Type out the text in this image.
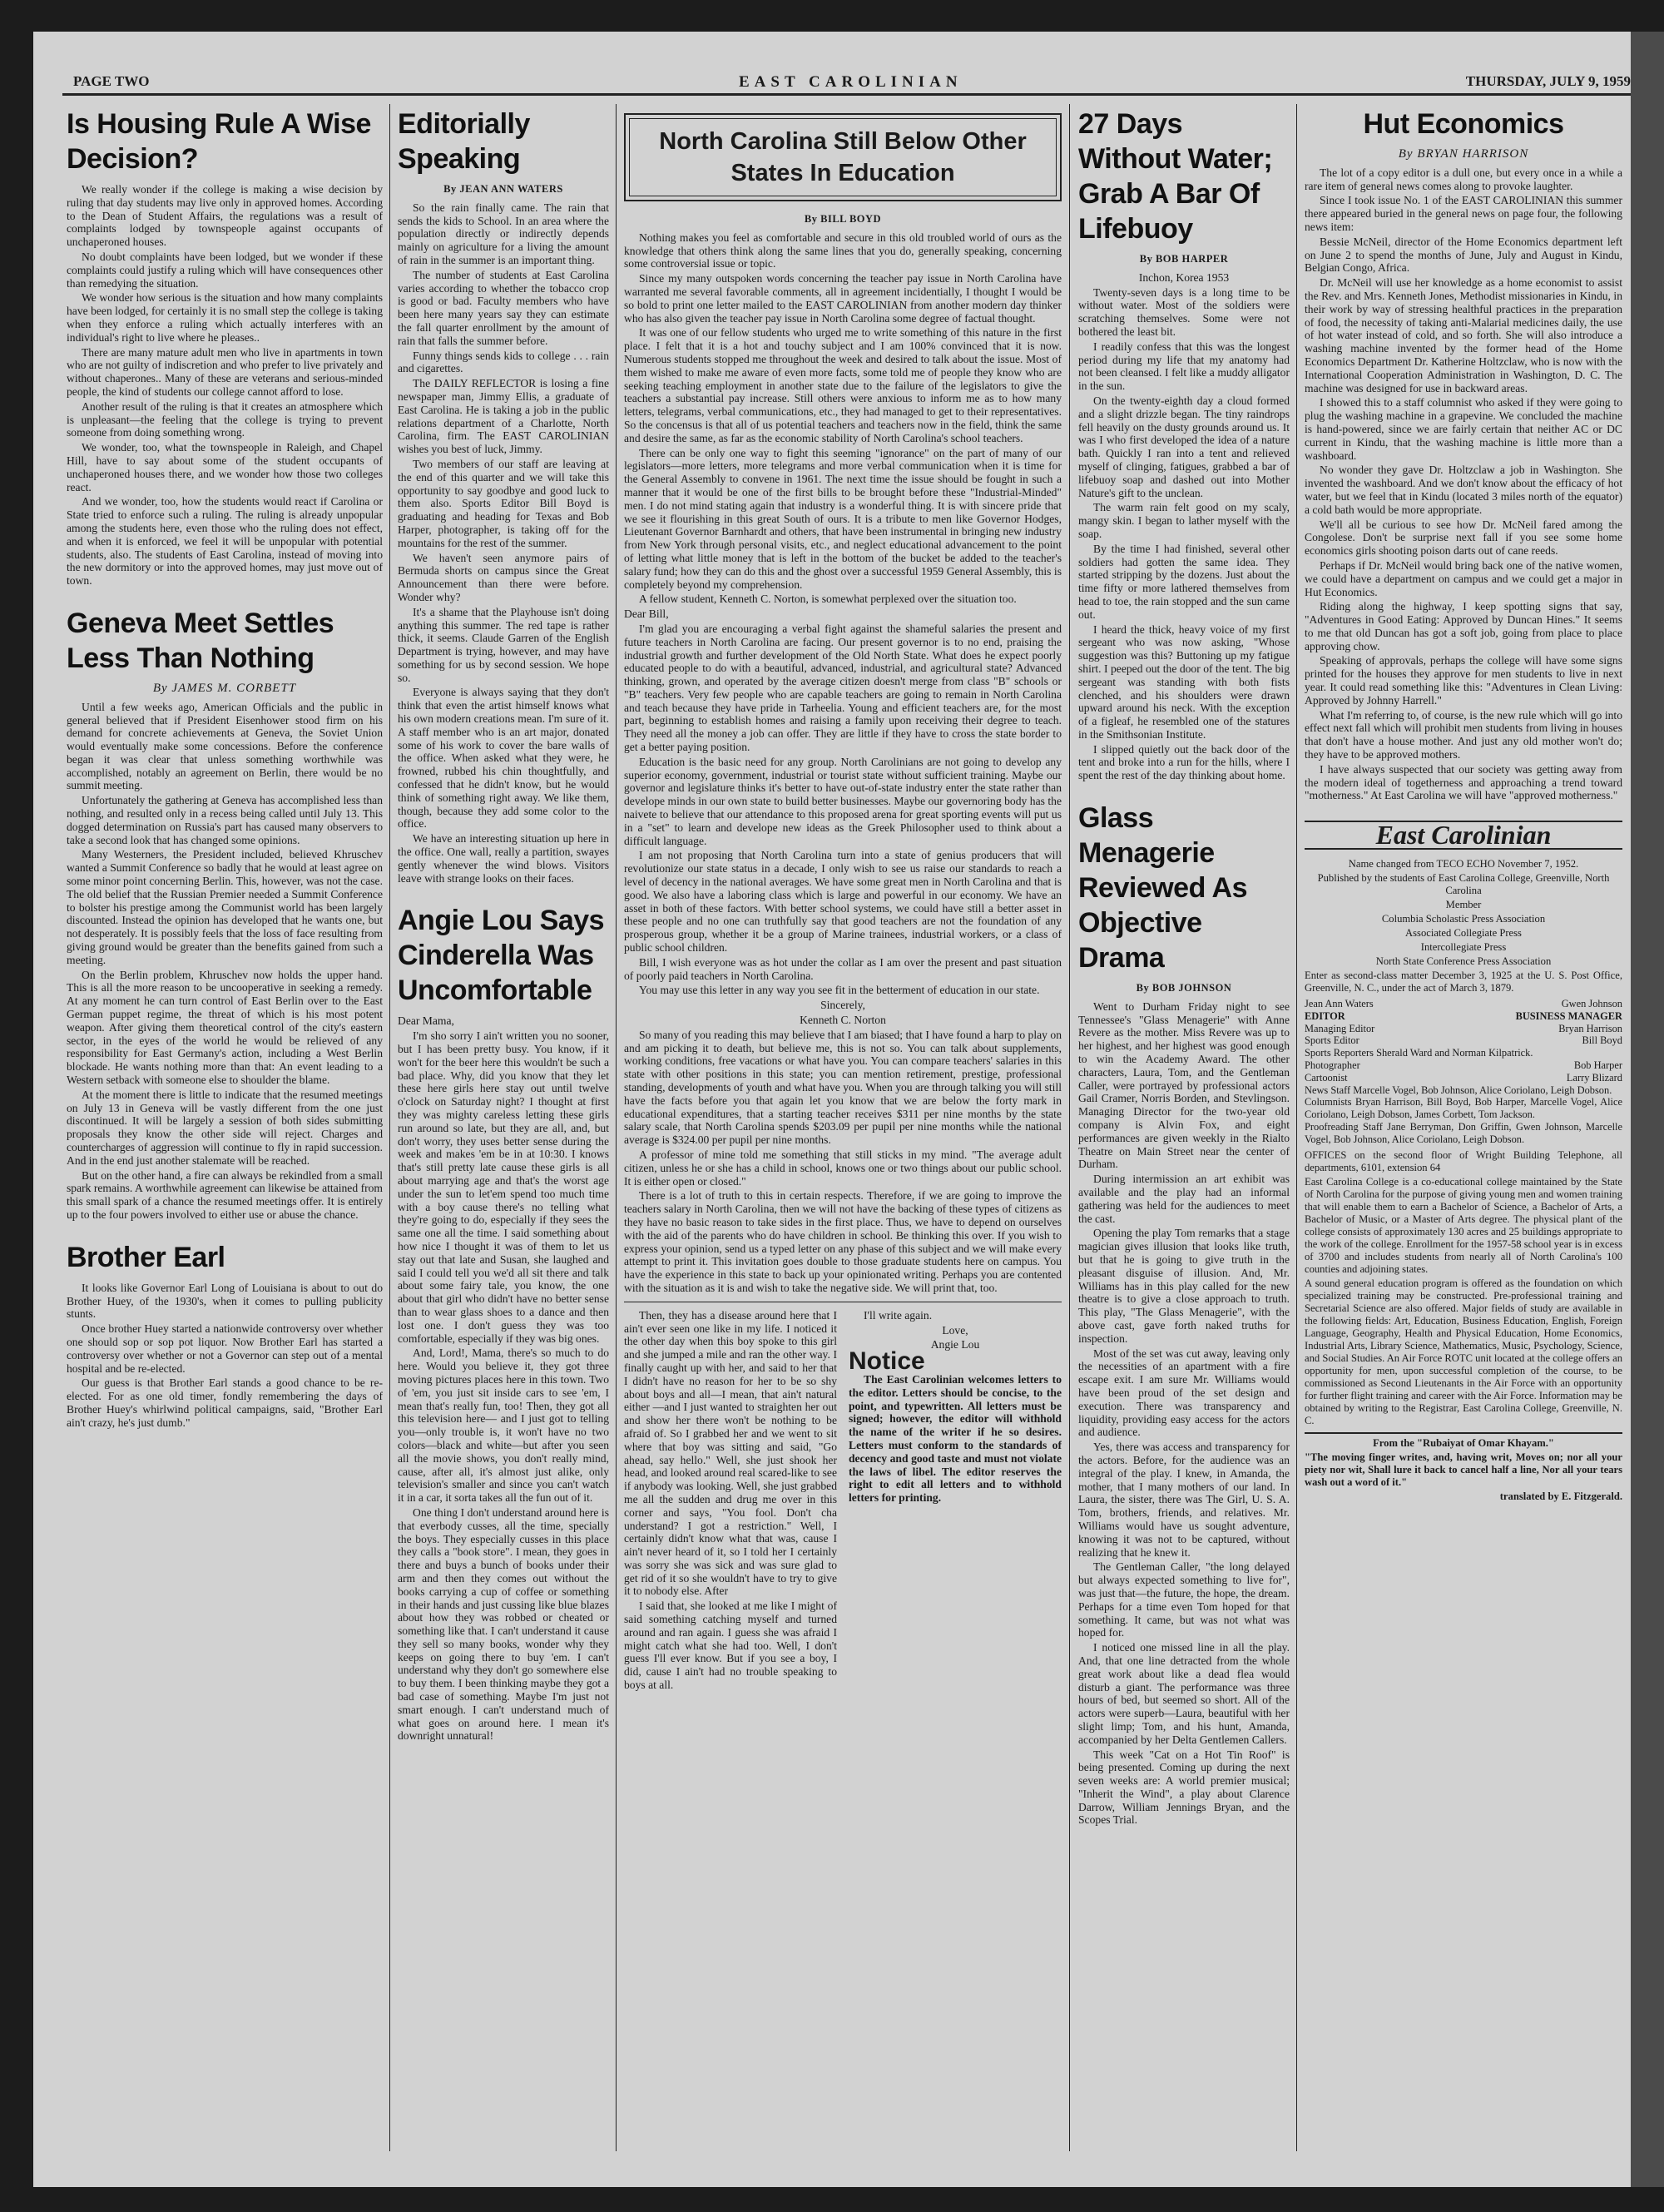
PAGE TWO	EAST CAROLINIAN	THURSDAY, JULY 9, 1959
Is Housing Rule A Wise Decision?

We really wonder if the college is making a wise decision by ruling that day students may live only in approved homes. According to the Dean of Student Affairs, the regulations was a result of complaints lodged by townspeople against occupants of unchaperoned houses.

No doubt complaints have been lodged, but we wonder if these complaints could justify a ruling which will have consequences other than remedying the situation.

We wonder how serious is the situation and how many complaints have been lodged, for certainly it is no small step the college is taking when they enforce a ruling which actually interferes with an individual's right to live where he pleases..

There are many mature adult men who live in apartments in town who are not guilty of indiscretion and who prefer to live privately and without chaperones.. Many of these are veterans and serious-minded people, the kind of students our college cannot afford to lose.

Another result of the ruling is that it creates an atmosphere which is unpleasant—the feeling that the college is trying to prevent someone from doing something wrong.

We wonder, too, what the townspeople in Raleigh, and Chapel Hill, have to say about some of the student occupants of unchaperoned houses there, and we wonder how those two colleges react.

And we wonder, too, how the students would react if Carolina or State tried to enforce such a ruling. The ruling is already unpopular among the students here, even those who the ruling does not effect, and when it is enforced, we feel it will be unpopular with potential students, also. The students of East Carolina, instead of moving into the new dormitory or into the approved homes, may just move out of town.

Geneva Meet Settles Less Than Nothing
By JAMES M. CORBETT

Until a few weeks ago, American Officials and the public in general believed that if President Eisenhower stood firm on his demand for concrete achievements at Geneva, the Soviet Union would eventually make some concessions. Before the conference began it was clear that unless something worthwhile was accomplished, notably an agreement on Berlin, there would be no summit meeting.

Unfortunately the gathering at Geneva has accomplished less than nothing, and resulted only in a recess being called until July 13. This dogged determination on Russia's part has caused many observers to take a second look that has changed some opinions.

Many Westerners, the President included, believed Khruschev wanted a Summit Conference so badly that he would at least agree on some minor point concerning Berlin. This, however, was not the case. The old belief that the Russian Premier needed a Summit Conference to bolster his prestige among the Communist world has been largely discounted. Instead the opinion has developed that he wants one, but not desperately. It is possibly feels that the loss of face resulting from giving ground would be greater than the benefits gained from such a meeting.

On the Berlin problem, Khruschev now holds the upper hand. This is all the more reason to be uncooperative in seeking a remedy. At any moment he can turn control of East Berlin over to the East German puppet regime, the threat of which is his most potent weapon. After giving them theoretical control of the city's eastern sector, in the eyes of the world he would be relieved of any responsibility for East Germany's action, including a West Berlin blockade. He wants nothing more than that: An event leading to a Western setback with someone else to shoulder the blame.

At the moment there is little to indicate that the resumed meetings on July 13 in Geneva will be vastly different from the one just discontinued. It will be largely a session of both sides submitting proposals they know the other side will reject. Charges and countercharges of aggression will continue to fly in rapid succession. And in the end just another stalemate will be reached.

But on the other hand, a fire can always be rekindled from a small spark remains. A worthwhile agreement can likewise be attained from this small spark of a chance the resumed meetings offer. It is entirely up to the four powers involved to either use or abuse the chance.

Brother Earl

It looks like Governor Earl Long of Louisiana is about to out do Brother Huey, of the 1930's, when it comes to pulling publicity stunts.

Once brother Huey started a nationwide controversy over whether one should sop or sop pot liquor. Now Brother Earl has started a controversy over whether or not a Governor can step out of a mental hospital and be re-elected.

Our guess is that Brother Earl stands a good chance to be re-elected. For as one old timer, fondly remembering the days of Brother Huey's whirlwind political campaigns, said, "Brother Earl ain't crazy, he's just dumb."

Editorially Speaking
By JEAN ANN WATERS

So the rain finally came. The rain that sends the kids to School. In an area where the population directly or indirectly depends mainly on agriculture for a living the amount of rain in the summer is an important thing.

The number of students at East Carolina varies according to whether the tobacco crop is good or bad. Faculty members who have been here many years say they can estimate the fall quarter enrollment by the amount of rain that falls the summer before.

Funny things sends kids to college . . . rain and cigarettes.

The DAILY REFLECTOR is losing a fine newspaper man, Jimmy Ellis, a graduate of East Carolina. He is taking a job in the public relations department of a Charlotte, North Carolina, firm. The EAST CAROLINIAN wishes you best of luck, Jimmy.

Two members of our staff are leaving at the end of this quarter and we will take this opportunity to say goodbye and good luck to them also. Sports Editor Bill Boyd is graduating and heading for Texas and Bob Harper, photographer, is taking off for the mountains for the rest of the summer.

We haven't seen anymore pairs of Bermuda shorts on campus since the Great Announcement than there were before. Wonder why?

It's a shame that the Playhouse isn't doing anything this summer. The red tape is rather thick, it seems. Claude Garren of the English Department is trying, however, and may have something for us by second session. We hope so.

Everyone is always saying that they don't think that even the artist himself knows what his own modern creations mean. I'm sure of it. A staff member who is an art major, donated some of his work to cover the bare walls of the office. When asked what they were, he frowned, rubbed his chin thoughtfully, and confessed that he didn't know, but he would think of something right away. We like them, though, because they add some color to the office.

We have an interesting situation up here in the office. One wall, really a partition, swayes gently whenever the wind blows. Visitors leave with strange looks on their faces.

Angie Lou Says Cinderella Was Uncomfortable

Dear Mama,

I'm sho sorry I ain't written you no sooner, but I has been pretty busy. You know, if it won't for the beer here this wouldn't be such a bad place. Why, did you know that they let these here girls here stay out until twelve o'clock on Saturday night? I thought at first they was mighty careless letting these girls run around so late, but they are all, and, but don't worry, they uses better sense during the week and makes 'em be in at 10:30. I knows that's still pretty late cause these girls is all about marrying age and that's the worst age under the sun to let'em spend too much time with a boy cause there's no telling what they're going to do, especially if they sees the same one all the time. I said something about how nice I thought it was of them to let us stay out that late and Susan, she laughed and said I could tell you we'd all sit there and talk about some fairy tale, you know, the one about that girl who didn't have no better sense than to wear glass shoes to a dance and then lost one. I don't guess they was too comfortable, especially if they was big ones.

And, Lord!, Mama, there's so much to do here. Would you believe it, they got three moving pictures places here in this town. Two of 'em, you just sit inside cars to see 'em, I mean that's really fun, too! Then, they got all this television here— and I just got to telling you—only trouble is, it won't have no two colors—black and white—but after you seen all the movie shows, you don't really mind, cause, after all, it's almost just alike, only television's smaller and since you can't watch it in a car, it sorta takes all the fun out of it.

One thing I don't understand around here is that everbody cusses, all the time, specially the boys. They especially cusses in this place they calls a "book store". I mean, they goes in there and buys a bunch of books under their arm and then they comes out without the books carrying a cup of coffee or something in their hands and just cussing like blue blazes about how they was robbed or cheated or something like that. I can't understand it cause they sell so many books, wonder why they keeps on going there to buy 'em. I can't understand why they don't go somewhere else to buy them. I been thinking maybe they got a bad case of something. Maybe I'm just not smart enough. I can't understand much of what goes on around here. I mean it's downright unnatural!

North Carolina Still Below Other States In Education
By BILL BOYD

Nothing makes you feel as comfortable and secure in this old troubled world of ours as the knowledge that others think along the same lines that you do, generally speaking, concerning some controversial issue or topic.

Since my many outspoken words concerning the teacher pay issue in North Carolina have warranted me several favorable comments, all in agreement incidentially, I thought I would be so bold to print one letter mailed to the EAST CAROLINIAN from another modern day thinker who has also given the teacher pay issue in North Carolina some degree of factual thought.

It was one of our fellow students who urged me to write something of this nature in the first place. I felt that it is a hot and touchy subject and I am 100% convinced that it is now. Numerous students stopped me throughout the week and desired to talk about the issue. Most of them wished to make me aware of even more facts, some told me of people they know who are seeking teaching employment in another state due to the failure of the legislators to give the teachers a substantial pay increase. Still others were anxious to inform me as to how many letters, telegrams, verbal communications, etc., they had managed to get to their representatives. So the concensus is that all of us potential teachers and teachers now in the field, think the same and desire the same, as far as the economic stability of North Carolina's school teachers.

There can be only one way to fight this seeming "ignorance" on the part of many of our legislators—more letters, more telegrams and more verbal communication when it is time for the General Assembly to convene in 1961. The next time the issue should be fought in such a manner that it would be one of the first bills to be brought before these "Industrial-Minded" men. I do not mind stating again that industry is a wonderful thing. It is with sincere pride that we see it flourishing in this great South of ours. It is a tribute to men like Governor Hodges, Lieutenant Governor Barnhardt and others, that have been instrumental in bringing new industry from New York through personal visits, etc., and neglect educational advancement to the point of letting what little money that is left in the bottom of the bucket be added to the teacher's salary fund; how they can do this and the ghost over a successful 1959 General Assembly, this is completely beyond my comprehension.

A fellow student, Kenneth C. Norton, is somewhat perplexed over the situation too.

Dear Bill,

I'm glad you are encouraging a verbal fight against the shameful salaries the present and future teachers in North Carolina are facing. Our present governor is to no end, praising the industrial growth and further development of the Old North State. What does he expect poorly educated people to do with a beautiful, advanced, industrial, and agricultural state? Advanced thinking, grown, and operated by the average citizen doesn't merge from class "B" schools or "B" teachers. Very few people who are capable teachers are going to remain in North Carolina and teach because they have pride in Tarheelia. Young and efficient teachers are, for the most part, beginning to establish homes and raising a family upon receiving their degree to teach. They need all the money a job can offer. They are little if they have to cross the state border to get a better paying position.

Education is the basic need for any group. North Carolinians are not going to develop any superior economy, government, industrial or tourist state without sufficient training. Maybe our governor and legislature thinks it's better to have out-of-state industry enter the state rather than develope minds in our own state to build better businesses. Maybe our governoring body has the naivete to believe that our attendance to this proposed arena for great sporting events will put us in a "set" to learn and develope new ideas as the Greek Philosopher used to think about a difficult language.

I am not proposing that North Carolina turn into a state of genius producers that will revolutionize our state status in a decade, I only wish to see us raise our standards to reach a level of decency in the national averages. We have some great men in North Carolina and that is good. We also have a laboring class which is large and powerful in our economy. We have an asset in both of these factors. With better school systems, we could have still a better asset in these people and no one can truthfully say that good teachers are not the foundation of any prosperous group, whether it be a group of Marine trainees, industrial workers, or a class of public school children.

Bill, I wish everyone was as hot under the collar as I am over the present and past situation of poorly paid teachers in North Carolina.

You may use this letter in any way you see fit in the betterment of education in our state.

Sincerely,

Kenneth C. Norton

So many of you reading this may believe that I am biased; that I have found a harp to play on and am picking it to death, but believe me, this is not so. You can talk about supplements, working conditions, free vacations or what have you. You can compare teachers' salaries in this state with other positions in this state; you can mention retirement, prestige, professional standing, developments of youth and what have you. When you are through talking you will still have the facts before you that again let you know that we are below the forty mark in educational expenditures, that a starting teacher receives $311 per nine months by the state salary scale, that North Carolina spends $203.09 per pupil per nine months while the national average is $324.00 per pupil per nine months.

A professor of mine told me something that still sticks in my mind. "The average adult citizen, unless he or she has a child in school, knows one or two things about our public school. It is either open or closed."

There is a lot of truth to this in certain respects. Therefore, if we are going to improve the teachers salary in North Carolina, then we will not have the backing of these types of citizens as they have no basic reason to take sides in the first place. Thus, we have to depend on ourselves with the aid of the parents who do have children in school. Be thinking this over. If you wish to express your opinion, send us a typed letter on any phase of this subject and we will make every attempt to print it. This invitation goes double to those graduate students here on campus. You have the experience in this state to back up your opinionated writing. Perhaps you are contented with the situation as it is and wish to take the negative side. We will print that, too.

Then, they has a disease around here that I ain't ever seen one like in my life. I noticed it the other day when this boy spoke to this girl and she jumped a mile and ran the other way. I finally caught up with her, and said to her that I didn't have no reason for her to be so shy about boys and all—I mean, that ain't natural either —and I just wanted to straighten her out and show her there won't be nothing to be afraid of. So I grabbed her and we went to sit where that boy was sitting and said, "Go ahead, say hello." Well, she just shook her head, and looked around real scared-like to see if anybody was looking. Well, she just grabbed me all the sudden and drug me over in this corner and says, "You fool. Don't cha understand? I got a restriction." Well, I certainly didn't know what that was, cause I ain't never heard of it, so I told her I certainly was sorry she was sick and was sure glad to get rid of it so she wouldn't have to try to give it to nobody else. After

I said that, she looked at me like I might of said something catching myself and turned around and ran again. I guess she was afraid I might catch what she had too. Well, I don't guess I'll ever know. But if you see a boy, I did, cause I ain't had no trouble speaking to boys at all.

I'll write again.

Love,

Angie Lou

Notice

The East Carolinian welcomes letters to the editor. Letters should be concise, to the point, and typewritten. All letters must be signed; however, the editor will withhold the name of the writer if he so desires. Letters must conform to the standards of decency and good taste and must not violate the laws of libel. The editor reserves the right to edit all letters and to withhold letters for printing.

27 Days Without Water; Grab A Bar Of Lifebuoy
By BOB HARPER

Inchon, Korea 1953

Twenty-seven days is a long time to be without water. Most of the soldiers were scratching themselves. Some were not bothered the least bit.

I readily confess that this was the longest period during my life that my anatomy had not been cleansed. I felt like a muddy alligator in the sun.

On the twenty-eighth day a cloud formed and a slight drizzle began. The tiny raindrops fell heavily on the dusty grounds around us. It was I who first developed the idea of a nature bath. Quickly I ran into a tent and relieved myself of clinging, fatigues, grabbed a bar of lifebuoy soap and dashed out into Mother Nature's gift to the unclean.

The warm rain felt good on my scaly, mangy skin. I began to lather myself with the soap.

By the time I had finished, several other soldiers had gotten the same idea. They started stripping by the dozens. Just about the time fifty or more lathered themselves from head to toe, the rain stopped and the sun came out.

I heard the thick, heavy voice of my first sergeant who was now asking, "Whose suggestion was this? Buttoning up my fatigue shirt. I peeped out the door of the tent. The big sergeant was standing with both fists clenched, and his shoulders were drawn upward around his neck. With the exception of a figleaf, he resembled one of the statures in the Smithsonian Institute.

I slipped quietly out the back door of the tent and broke into a run for the hills, where I spent the rest of the day thinking about home.

Glass Menagerie Reviewed As Objective Drama
By BOB JOHNSON

Went to Durham Friday night to see Tennessee's "Glass Menagerie" with Anne Revere as the mother. Miss Revere was up to her highest, and her highest was good enough to win the Academy Award. The other characters, Laura, Tom, and the Gentleman Caller, were portrayed by professional actors Gail Cramer, Norris Borden, and Stevlingson. Managing Director for the two-year old company is Alvin Fox, and eight performances are given weekly in the Rialto Theatre on Main Street near the center of Durham.

During intermission an art exhibit was available and the play had an informal gathering was held for the audiences to meet the cast.

Opening the play Tom remarks that a stage magician gives illusion that looks like truth, but that he is going to give truth in the pleasant disguise of illusion. And, Mr. Williams has in this play called for the new theatre is to give a close approach to truth. This play, "The Glass Menagerie", with the above cast, gave forth naked truths for inspection.

Most of the set was cut away, leaving only the necessities of an apartment with a fire escape exit. I am sure Mr. Williams would have been proud of the set design and execution. There was transparency and liquidity, providing easy access for the actors and audience.

Yes, there was access and transparency for the actors. Before, for the audience was an integral of the play. I knew, in Amanda, the mother, that I many mothers of our land. In Laura, the sister, there was The Girl, U. S. A. Tom, brothers, friends, and relatives. Mr. Williams would have us sought adventure, knowing it was not to be captured, without realizing that he knew it.

The Gentleman Caller, "the long delayed but always expected something to live for", was just that—the future, the hope, the dream. Perhaps for a time even Tom hoped for that something. It came, but was not what was hoped for.

I noticed one missed line in all the play. And, that one line detracted from the whole great work about like a dead flea would disturb a giant. The performance was three hours of bed, but seemed so short. All of the actors were superb—Laura, beautiful with her slight limp; Tom, and his hunt, Amanda, accompanied by her Delta Gentlemen Callers.

This week "Cat on a Hot Tin Roof" is being presented. Coming up during the next seven weeks are: A world premier musical; "Inherit the Wind", a play about Clarence Darrow, William Jennings Bryan, and the Scopes Trial.

Hut Economics
By BRYAN HARRISON

The lot of a copy editor is a dull one, but every once in a while a rare item of general news comes along to provoke laughter.

Since I took issue No. 1 of the EAST CAROLINIAN this summer there appeared buried in the general news on page four, the following news item:

Bessie McNeil, director of the Home Economics department left on June 2 to spend the months of June, July and August in Kindu, Belgian Congo, Africa.

Dr. McNeil will use her knowledge as a home economist to assist the Rev. and Mrs. Kenneth Jones, Methodist missionaries in Kindu, in their work by way of stressing healthful practices in the preparation of food, the necessity of taking anti-Malarial medicines daily, the use of hot water instead of cold, and so forth. She will also introduce a washing machine invented by the former head of the Home Economics Department Dr. Katherine Holtzclaw, who is now with the International Cooperation Administration in Washington, D. C. The machine was designed for use in backward areas.

I showed this to a staff columnist who asked if they were going to plug the washing machine in a grapevine. We concluded the machine is hand-powered, since we are fairly certain that neither AC or DC current in Kindu, that the washing machine is little more than a washboard.

No wonder they gave Dr. Holtzclaw a job in Washington. She invented the washboard. And we don't know about the efficacy of hot water, but we feel that in Kindu (located 3 miles north of the equator) a cold bath would be more appropriate.

We'll all be curious to see how Dr. McNeil fared among the Congolese. Don't be surprise next fall if you see some home economics girls shooting poison darts out of cane reeds.

Perhaps if Dr. McNeil would bring back one of the native women, we could have a department on campus and we could get a major in Hut Economics.

Riding along the highway, I keep spotting signs that say, "Adventures in Good Eating: Approved by Duncan Hines." It seems to me that old Duncan has got a soft job, going from place to place approving chow.

Speaking of approvals, perhaps the college will have some signs printed for the houses they approve for men students to live in next year. It could read something like this: "Adventures in Clean Living: Approved by Johnny Harrell."

What I'm referring to, of course, is the new rule which will go into effect next fall which will prohibit men students from living in houses that don't have a house mother. And just any old mother won't do; they have to be approved mothers.

I have always suspected that our society was getting away from the modern ideal of togetherness and approaching a trend toward "motherness." At East Carolina we will have "approved motherness."

East Carolinian

Name changed from TECO ECHO November 7, 1952.

Published by the students of East Carolina College, Greenville, North Carolina

Member

Columbia Scholastic Press Association

Associated Collegiate Press

Intercollegiate Press

North State Conference Press Association

Enter as second-class matter December 3, 1925 at the U. S. Post Office, Greenville, N. C., under the act of March 3, 1879.

Jean Ann Waters	Gwen Johnson
EDITOR	BUSINESS MANAGER
Managing Editor	Bryan Harrison
Sports Editor	Bill Boyd
Sports Reporters Sherald Ward and Norman Kilpatrick.
Photographer	Bob Harper
Cartoonist	Larry Blizard
News Staff Marcelle Vogel, Bob Johnson, Alice Coriolano, Leigh Dobson.
Columnists Bryan Harrison, Bill Boyd, Bob Harper, Marcelle Vogel, Alice Coriolano, Leigh Dobson, James Corbett, Tom Jackson.
Proofreading Staff Jane Berryman, Don Griffin, Gwen Johnson, Marcelle Vogel, Bob Johnson, Alice Coriolano, Leigh Dobson.

OFFICES on the second floor of Wright Building Telephone, all departments, 6101, extension 64

East Carolina College is a co-educational college maintained by the State of North Carolina for the purpose of giving young men and women training that will enable them to earn a Bachelor of Science, a Bachelor of Arts, a Bachelor of Music, or a Master of Arts degree. The physical plant of the college consists of approximately 130 acres and 25 buildings appropriate to the work of the college. Enrollment for the 1957-58 school year is in excess of 3700 and includes students from nearly all of North Carolina's 100 counties and adjoining states.

A sound general education program is offered as the foundation on which specialized training may be constructed. Pre-professional training and Secretarial Science are also offered. Major fields of study are available in the following fields: Art, Education, Business Education, English, Foreign Language, Geography, Health and Physical Education, Home Economics, Industrial Arts, Library Science, Mathematics, Music, Psychology, Science, and Social Studies. An Air Force ROTC unit located at the college offers an opportunity for men, upon successful completion of the course, to be commissioned as Second Lieutenants in the Air Force with an opportunity for further flight training and career with the Air Force. Information may be obtained by writing to the Registrar, East Carolina College, Greenville, N. C.

From the "Rubaiyat of Omar Khayam."

"The moving finger writes, and, having writ, Moves on; nor all your piety nor wit, Shall lure it back to cancel half a line, Nor all your tears wash out a word of it."

translated by E. Fitzgerald.
